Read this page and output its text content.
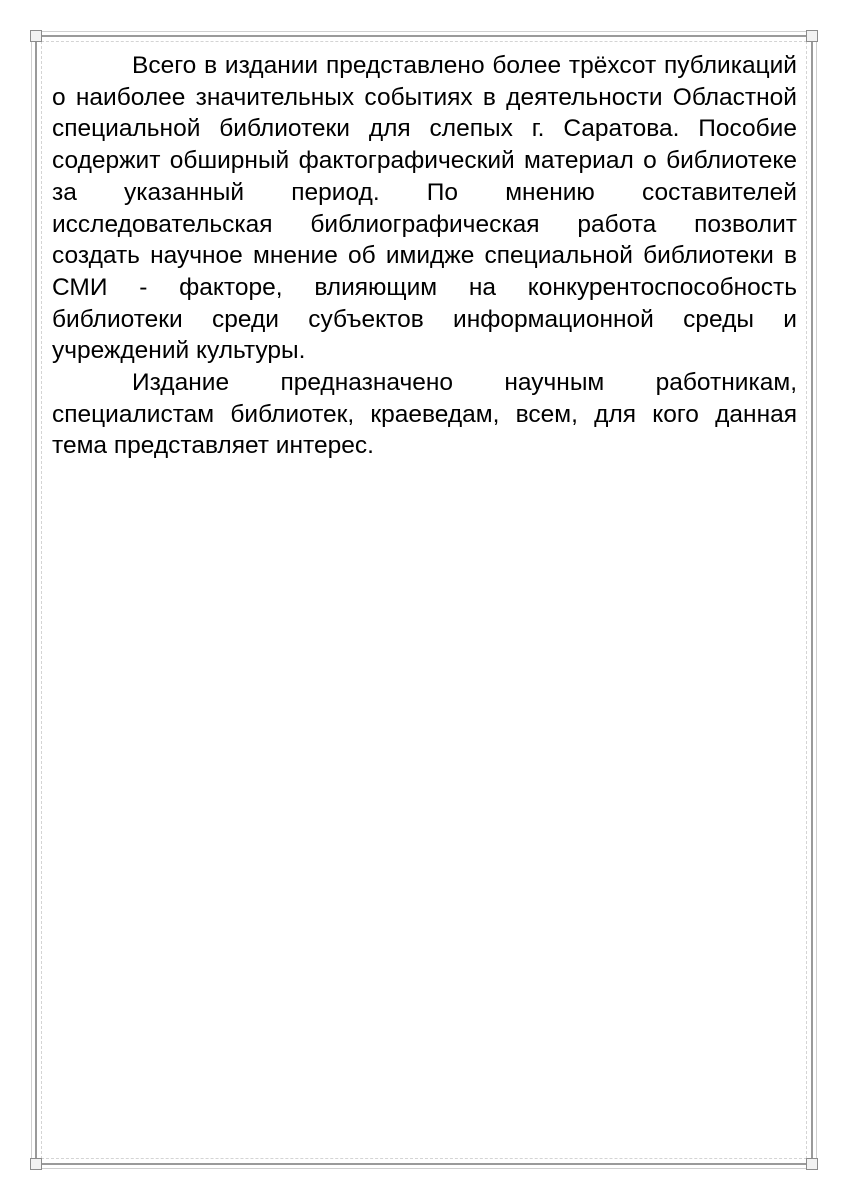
Всего в издании представлено более трёхсот публикаций о наиболее значительных событиях в деятельности Областной специальной библиотеки для слепых г. Саратова. Пособие содержит обширный фактографический материал о библиотеке за указанный период. По мнению составителей исследовательская библиографическая работа позволит создать научное мнение об имидже специальной библиотеки в СМИ - факторе, влияющим на конкурентоспособность библиотеки среди субъектов информационной среды и учреждений культуры.

Издание предназначено научным работникам, специалистам библиотек, краеведам, всем, для кого данная тема представляет интерес.
